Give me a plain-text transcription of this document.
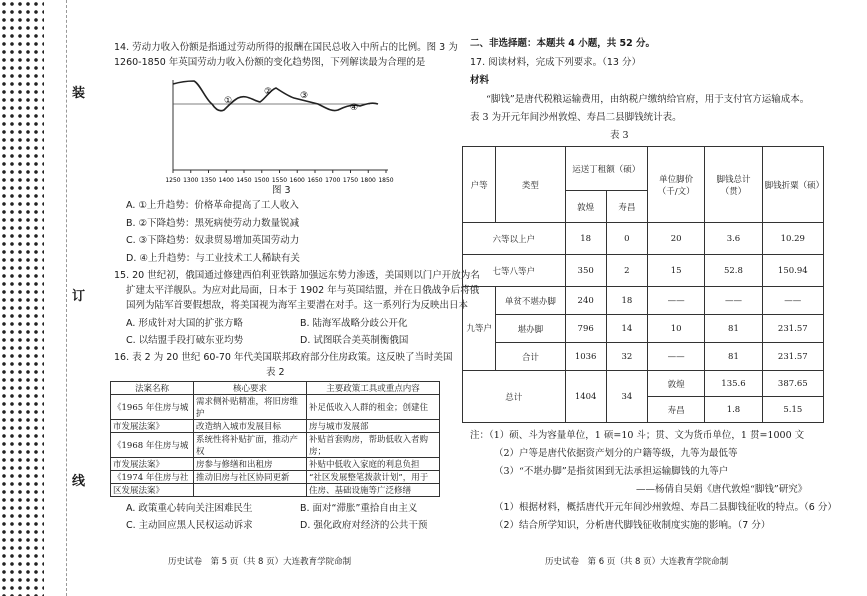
装
订
线
14. 劳动力收入份额是指通过劳动所得的报酬在国民总收入中所占的比例。图 3 为
1260-1850 年英国劳动力收入份额的变化趋势图，下列解读最为合理的是
①
②	③
④
1250 1300 1350 1400 1450 1500 1550 1600 1650 1700 1750 1800 1850
图 3
A. ①上升趋势：价格革命提高了工人收入
B. ②下降趋势：黑死病使劳动力数量锐减
C. ③下降趋势：奴隶贸易增加英国劳动力
D. ④上升趋势：与工业技术工人稀缺有关
15. 20 世纪初，俄国通过修建西伯利亚铁路加强远东势力渗透，美国则以门户开放为名
扩建太平洋舰队。为应对此局面，日本于 1902 年与英国结盟，并在日俄战争后将俄
国列为陆军首要假想敌，将美国视为海军主要潜在对手。这一系列行为反映出日本
A. 形成针对大国的扩张方略	B. 陆海军战略分歧公开化
C. 以结盟手段打破东亚均势	D. 试图联合美英制衡俄国
16. 表 2 为 20 世纪 60-70 年代美国联邦政府部分住房政策。这反映了当时美国
表 2
法案名称	核心要求	主要政策工具或重点内容
《1965 年住房与城	需求侧补贴精准，将旧房维护	补足低收入人群的租金；创建住
市发展法案》	改造纳入城市发展目标	房与城市发展部
《1968 年住房与城	系统性将补贴扩面，推动产权	补贴首套购房，帮助低收入者购房；
市发展法案》	房参与修缮和出租房	补贴中低收入家庭的利息负担
《1974 年住房与社	推动旧房与社区协同更新	“社区发展整笔拨款计划”，用于
区发展法案》		住房、基础设施等广泛修缮
A. 政策重心转向关注困难民生	B. 面对“滞胀”重拾自由主义
C. 主动回应黑人民权运动诉求	D. 强化政府对经济的公共干预
历史试卷　第 5 页（共 8 页）大连教育学院命制
二、非选择题：本题共 4 小题，共 52 分。
17. 阅读材料，完成下列要求。（13 分）
材料
“脚钱”是唐代税粮运输费用，由纳税户缴纳给官府，用于支付官方运输成本。
表 3 为开元年间沙州敦煌、寿昌二县脚钱统计表。
表 3
户等	类型	运送丁租额（硕）		单位脚价（千/文）	脚钱总计（贯）	脚钱折粟（硕）
		敦煌	寿昌			
六等以上户		18	0	20	3.6	10.29
七等八等户		350	2	15	52.8	150.94
九等户	单贫不堪办脚	240	18	——	——	——
	堪办脚	796	14	10	81	231.57
	合计	1036	32	——	81	231.57
总计		1404	34	敦煌	135.6	387.65
				寿昌	1.8	5.15
注：（1）硕、斗为容量单位，1 硕=10 斗；贯、文为货币单位，1 贯=1000 文
（2）户等是唐代依据资产划分的户籍等级，九等为最低等
（3）“不堪办脚”是指贫困到无法承担运输脚钱的九等户
——杨倩自吴娟《唐代敦煌“脚钱”研究》
（1）根据材料，概括唐代开元年间沙州敦煌、寿昌二县脚钱征收的特点。（6 分）
（2）结合所学知识，分析唐代脚钱征收制度实施的影响。（7 分）
历史试卷　第 6 页（共 8 页）大连教育学院命制
